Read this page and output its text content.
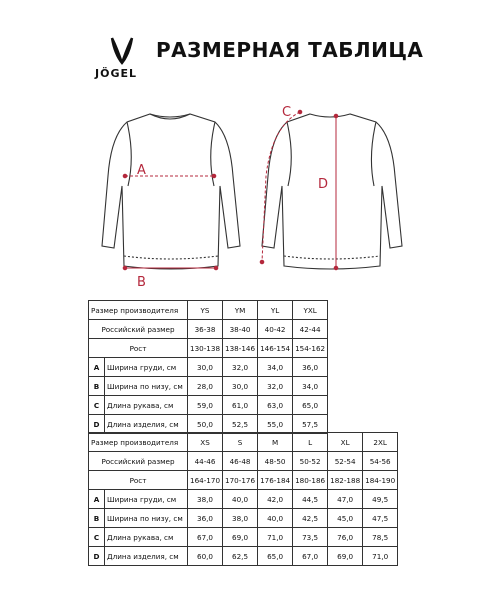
JÖGEL
РАЗМЕРНАЯ ТАБЛИЦА
A
B
C
D
Размер производителя		YS	YM	YL	YXL
Российский размер		36-38	38-40	40-42	42-44
Рост		130-138	138-146	146-154	154-162
A	Ширина груди, см	30,0	32,0	34,0	36,0
B	Ширина по низу, см	28,0	30,0	32,0	34,0
C	Длина рукава, см	59,0	61,0	63,0	65,0
D	Длина изделия, см	50,0	52,5	55,0	57,5
Размер производителя		XS	S	M	L	XL	2XL
Российский размер		44-46	46-48	48-50	50-52	52-54	54-56
Рост		164-170	170-176	176-184	180-186	182-188	184-190
A	Ширина груди, см	38,0	40,0	42,0	44,5	47,0	49,5
B	Ширина по низу, см	36,0	38,0	40,0	42,5	45,0	47,5
C	Длина рукава, см	67,0	69,0	71,0	73,5	76,0	78,5
D	Длина изделия, см	60,0	62,5	65,0	67,0	69,0	71,0
